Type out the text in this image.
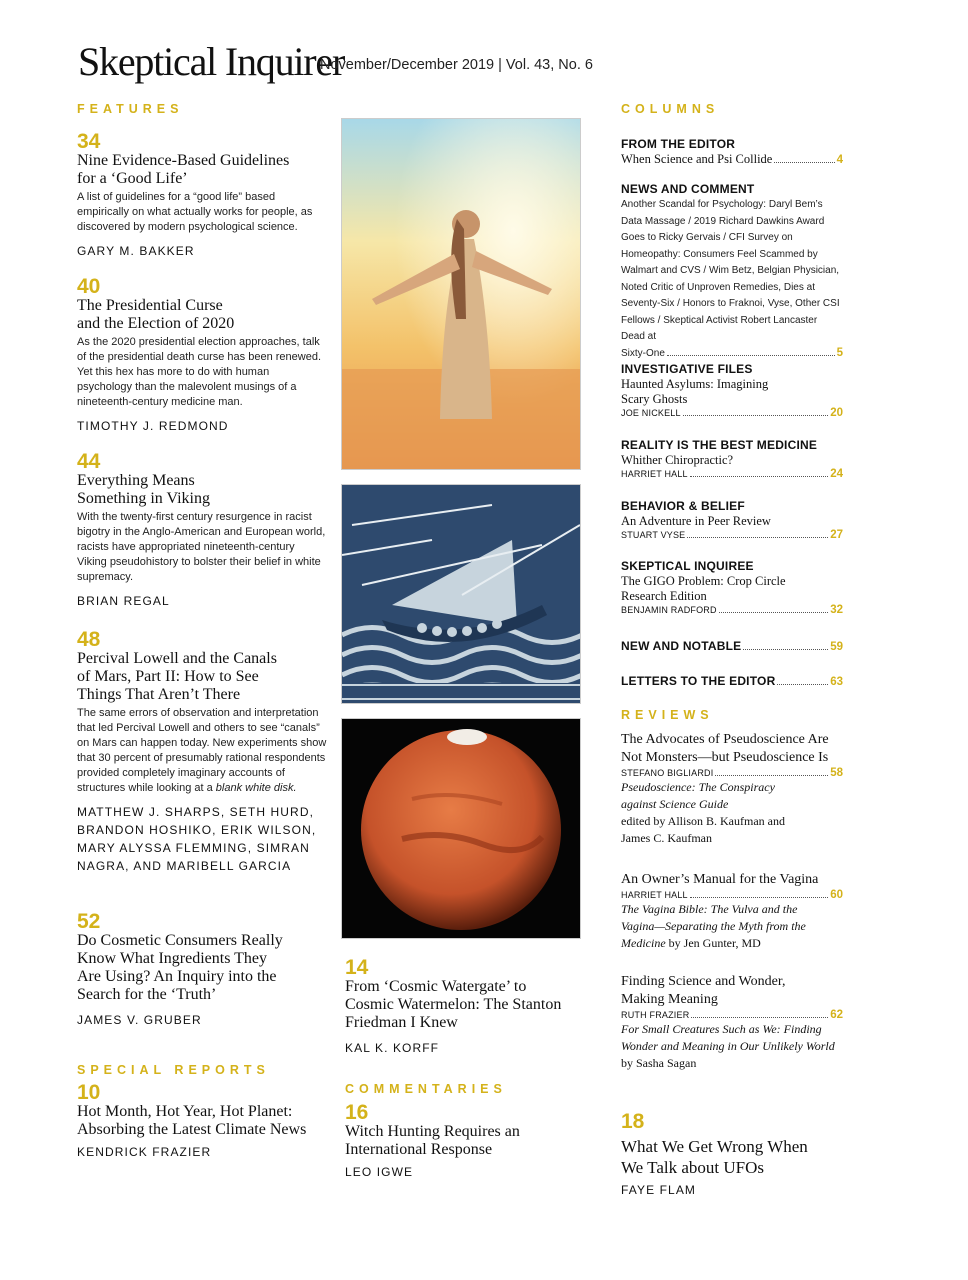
Skeptical Inquirer
November/December 2019 | Vol. 43, No. 6
FEATURES
34
Nine Evidence-Based Guidelines for a ‘Good Life’
A list of guidelines for a “good life” based empirically on what actually works for people, as discovered by modern psychological science.
GARY M. BAKKER
40
The Presidential Curse and the Election of 2020
As the 2020 presidential election approaches, talk of the presidential death curse has been renewed. Yet this hex has more to do with human psychology than the malevolent musings of a nineteenth-century medicine man.
TIMOTHY J. REDMOND
44
Everything Means Something in Viking
With the twenty-first century resurgence in racist bigotry in the Anglo-American and European world, racists have appropriated nineteenth-century Viking pseudohistory to bolster their belief in white supremacy.
BRIAN REGAL
48
Percival Lowell and the Canals of Mars, Part II: How to See Things That Aren’t There
The same errors of observation and interpretation that led Percival Lowell and others to see “canals” on Mars can happen today. New experiments show that 30 percent of presumably rational respondents provided completely imaginary accounts of structures while looking at a blank white disk.
MATTHEW J. SHARPS, SETH HURD, BRANDON HOSHIKO, ERIK WILSON, MARY ALYSSA FLEMMING, SIMRAN NAGRA, AND MARIBELL GARCIA
52
Do Cosmetic Consumers Really Know What Ingredients They Are Using? An Inquiry into the Search for the ‘Truth’
JAMES V. GRUBER
SPECIAL REPORTS
10
Hot Month, Hot Year, Hot Planet: Absorbing the Latest Climate News
KENDRICK FRAZIER
14
From ‘Cosmic Watergate’ to Cosmic Watermelon: The Stanton Friedman I Knew
KAL K. KORFF
COMMENTARIES
16
Witch Hunting Requires an International Response
LEO IGWE
COLUMNS
FROM THE EDITOR
When Science and Psi Collide	4
NEWS AND COMMENT
Another Scandal for Psychology: Daryl Bem’s Data Massage / 2019 Richard Dawkins Award Goes to Ricky Gervais / CFI Survey on Homeopathy: Consumers Feel Scammed by Walmart and CVS / Wim Betz, Belgian Physician, Noted Critic of Unproven Remedies, Dies at Seventy-Six / Honors to Fraknoi, Vyse, Other CSI Fellows / Skeptical Activist Robert Lancaster Dead at
Sixty-One	5
INVESTIGATIVE FILES
Haunted Asylums: Imagining Scary Ghosts
JOE NICKELL	20
REALITY IS THE BEST MEDICINE
Whither Chiropractic?
HARRIET HALL	24
BEHAVIOR & BELIEF
An Adventure in Peer Review
STUART VYSE	27
SKEPTICAL INQUIREE
The GIGO Problem: Crop Circle Research Edition
BENJAMIN RADFORD	32
NEW AND NOTABLE	59
LETTERS TO THE EDITOR	63
REVIEWS
The Advocates of Pseudoscience Are Not Monsters—but Pseudoscience Is
STEFANO BIGLIARDI	58
Pseudoscience: The Conspiracy against Science Guide
edited by Allison B. Kaufman and James C. Kaufman
An Owner’s Manual for the Vagina
HARRIET HALL	60
The Vagina Bible: The Vulva and the Vagina—Separating the Myth from the Medicine by Jen Gunter, MD
Finding Science and Wonder, Making Meaning
RUTH FRAZIER	62
For Small Creatures Such as We: Finding Wonder and Meaning in Our Unlikely World by Sasha Sagan
18
What We Get Wrong When We Talk about UFOs
FAYE FLAM
